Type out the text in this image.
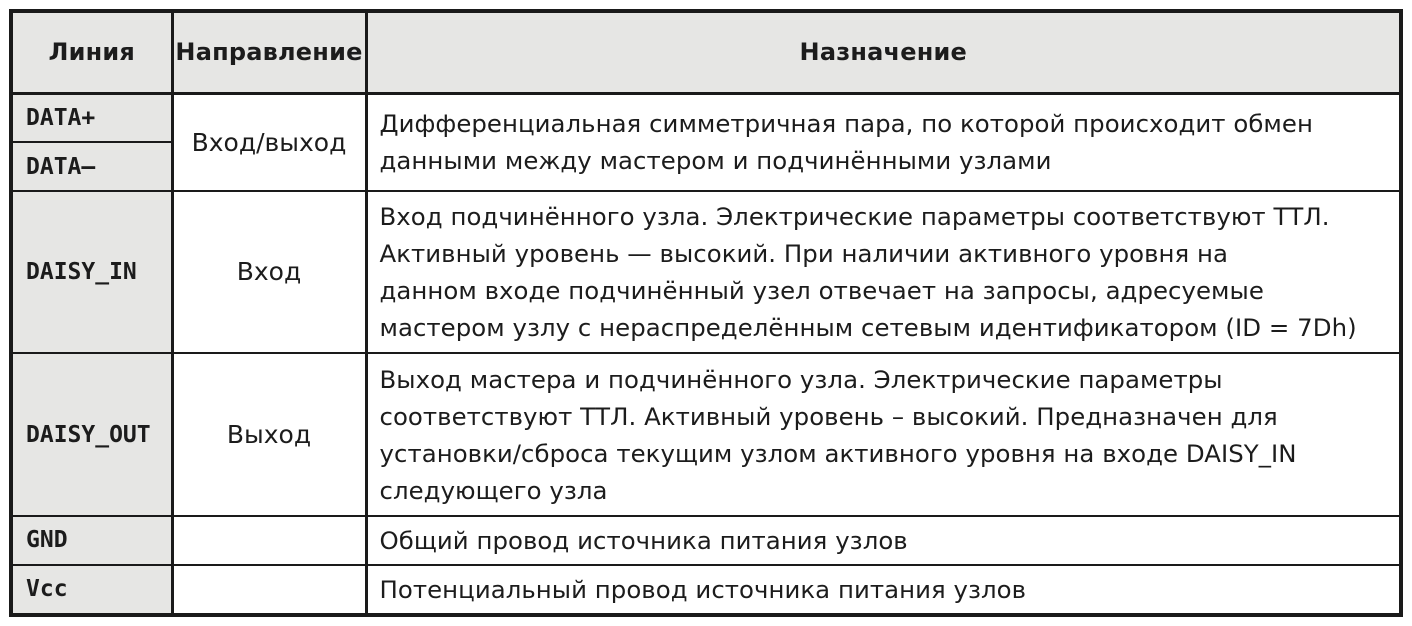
Линия	Направление	Назначение
DATA+	Вход/выход	Дифференциальная симметричная пара, по которой происходит обмен
данными между мастером и подчинёнными узлами

DATA–		
DAISY_IN	Вход	Вход подчинённого узла. Электрические параметры соответствуют ТТЛ.
Активный уровень — высокий. При наличии активного уровня на
данном входе подчинённый узел отвечает на запросы, адресуемые
мастером узлу с нераспределённым сетевым идентификатором (ID = 7Dh)

DAISY_OUT	Выход	Выход мастера и подчинённого узла. Электрические параметры
соответствуют ТТЛ. Активный уровень – высокий. Предназначен для
установки/сброса текущим узлом активного уровня на входе DAISY_IN
следующего узла

GND		Общий провод источника питания узлов
Vcc		Потенциальный провод источника питания узлов
